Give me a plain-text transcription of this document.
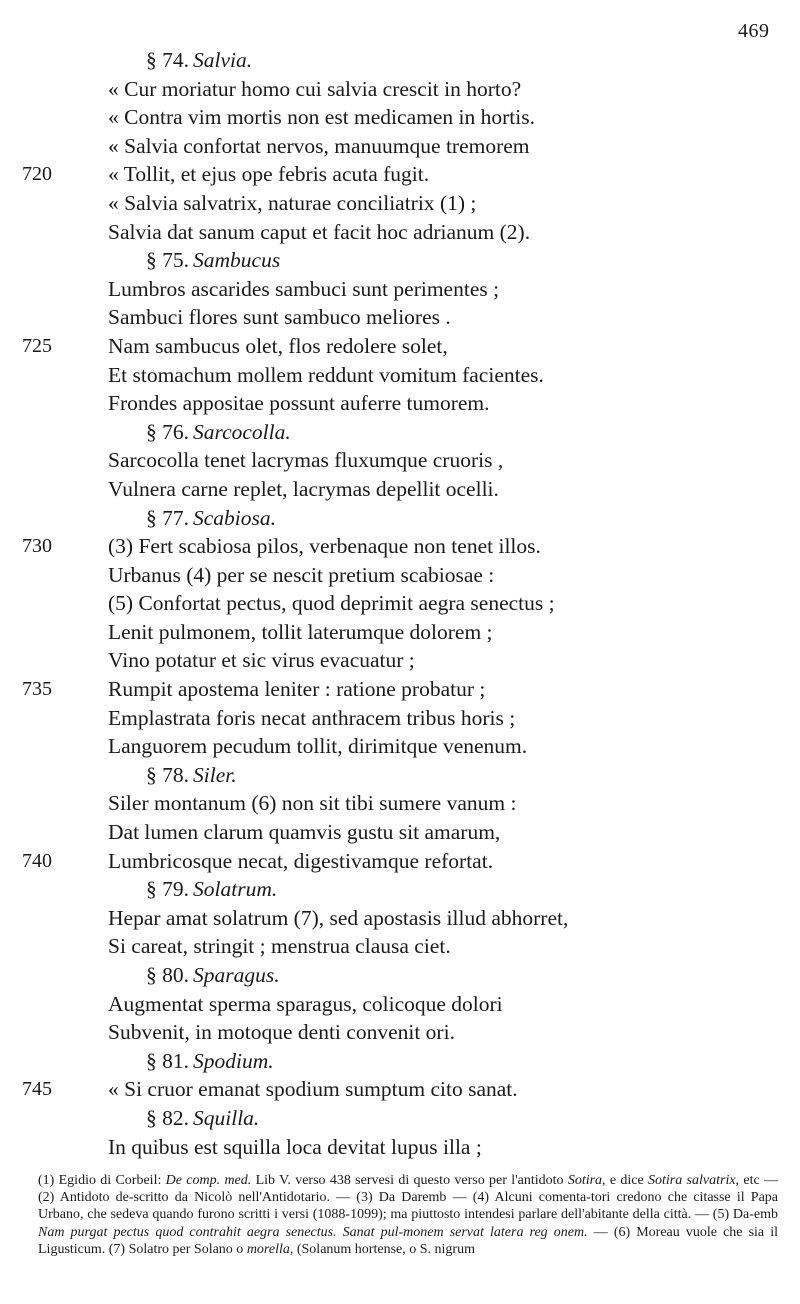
469
§ 74. Salvia.
« Cur moriatur homo cui salvia crescit in horto?
« Contra vim mortis non est medicamen in hortis.
« Salvia confortat nervos, manuumque tremorem
720	« Tollit, et ejus ope febris acuta fugit.
« Salvia salvatrix, naturae conciliatrix (1) ;
Salvia dat sanum caput et facit hoc adrianum (2).
§ 75. Sambucus
Lumbros ascarides sambuci sunt perimentes ;
Sambuci flores sunt sambuco meliores .
725	Nam sambucus olet, flos redolere solet,
Et stomachum mollem reddunt vomitum facientes.
Frondes appositae possunt auferre tumorem.
§ 76. Sarcocolla.
Sarcocolla tenet lacrymas fluxumque cruoris ,
Vulnera carne replet, lacrymas depellit ocelli.
§ 77. Scabiosa.
730	(3) Fert scabiosa pilos, verbenaque non tenet illos.
Urbanus (4) per se nescit pretium scabiosae :
(5) Confortat pectus, quod deprimit aegra senectus ;
Lenit pulmonem, tollit laterumque dolorem ;
Vino potatur et sic virus evacuatur ;
735	Rumpit apostema leniter : ratione probatur ;
Emplastrata foris necat anthracem tribus horis ;
Languorem pecudum tollit, dirimitque venenum.
§ 78. Siler.
Siler montanum (6) non sit tibi sumere vanum :
Dat lumen clarum quamvis gustu sit amarum,
740	Lumbricosque necat, digestivamque refortat.
§ 79. Solatrum.
Hepar amat solatrum (7), sed apostasis illud abhorret,
Si careat, stringit ; menstrua clausa ciet.
§ 80. Sparagus.
Augmentat sperma sparagus, colicoque dolori
Subvenit, in motoque denti convenit ori.
§ 81. Spodium.
745	« Si cruor emanat spodium sumptum cito sanat.
§ 82. Squilla.
In quibus est squilla loca devitat lupus illa ;
(1) Egidio di Corbeil: De comp. med. Lib V. verso 438 servesi di questo verso per l'antidoto Sotira, e dice Sotira salvatrix, etc — (2) Antidoto de-scritto da Nicolò nell'Antidotario. — (3) Da Daremb — (4) Alcuni comenta-tori credono che citasse il Papa Urbano, che sedeva quando furono scritti i versi (1088-1099); ma piuttosto intendesi parlare dell'abitante della città. — (5) Da-emb Nam purgat pectus quod contrahit aegra senectus. Sanat pul-monem servat latera reg onem. — (6) Moreau vuole che sia il Ligusticum. (7) Solatro per Solano o morella, (Solanum hortense, o S. nigrum
